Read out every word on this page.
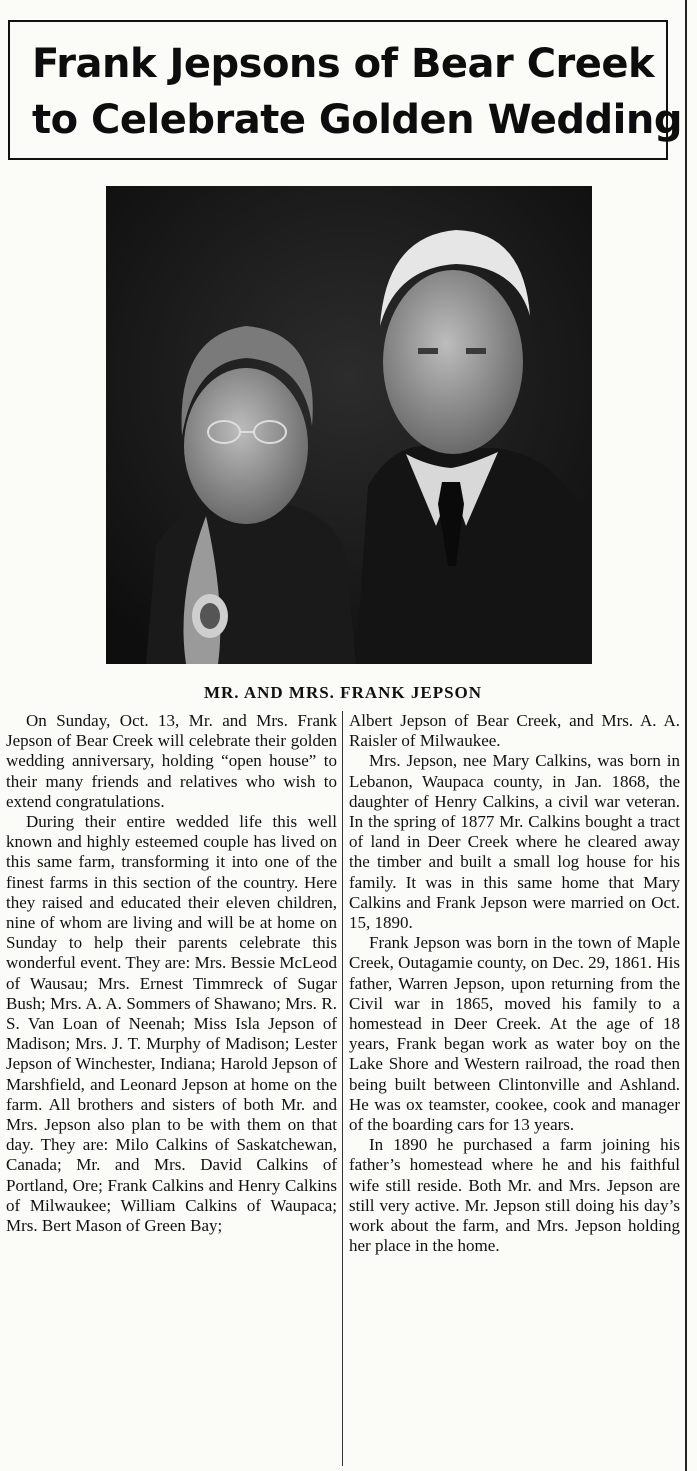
Frank Jepsons of Bear Creek
to Celebrate Golden Wedding

MR. AND MRS. FRANK JEPSON

On Sunday, Oct. 13, Mr. and Mrs. Frank Jepson of Bear Creek will celebrate their golden wedding anniversary, holding “open house” to their many friends and relatives who wish to extend congratulations.

During their entire wedded life this well known and highly esteemed couple has lived on this same farm, transforming it into one of the finest farms in this section of the country. Here they raised and educated their eleven children, nine of whom are living and will be at home on Sunday to help their parents celebrate this wonderful event. They are: Mrs. Bessie McLeod of Wausau; Mrs. Ernest Timmreck of Sugar Bush; Mrs. A. A. Sommers of Shawano; Mrs. R. S. Van Loan of Neenah; Miss Isla Jepson of Madison; Mrs. J. T. Murphy of Madison; Lester Jepson of Winchester, Indiana; Harold Jepson of Marshfield, and Leonard Jepson at home on the farm. All brothers and sisters of both Mr. and Mrs. Jepson also plan to be with them on that day. They are: Milo Calkins of Saskatchewan, Canada; Mr. and Mrs. David Calkins of Portland, Ore; Frank Calkins and Henry Calkins of Milwaukee; William Calkins of Waupaca; Mrs. Bert Mason of Green Bay;

Albert Jepson of Bear Creek, and Mrs. A. A. Raisler of Milwaukee.

Mrs. Jepson, nee Mary Calkins, was born in Lebanon, Waupaca county, in Jan. 1868, the daughter of Henry Calkins, a civil war veteran. In the spring of 1877 Mr. Calkins bought a tract of land in Deer Creek where he cleared away the timber and built a small log house for his family. It was in this same home that Mary Calkins and Frank Jepson were married on Oct. 15, 1890.

Frank Jepson was born in the town of Maple Creek, Outagamie county, on Dec. 29, 1861. His father, Warren Jepson, upon returning from the Civil war in 1865, moved his family to a homestead in Deer Creek. At the age of 18 years, Frank began work as water boy on the Lake Shore and Western railroad, the road then being built between Clintonville and Ashland. He was ox teamster, cookee, cook and manager of the boarding cars for 13 years.

In 1890 he purchased a farm joining his father’s homestead where he and his faithful wife still reside. Both Mr. and Mrs. Jepson are still very active. Mr. Jepson still doing his day’s work about the farm, and Mrs. Jepson holding her place in the home.
